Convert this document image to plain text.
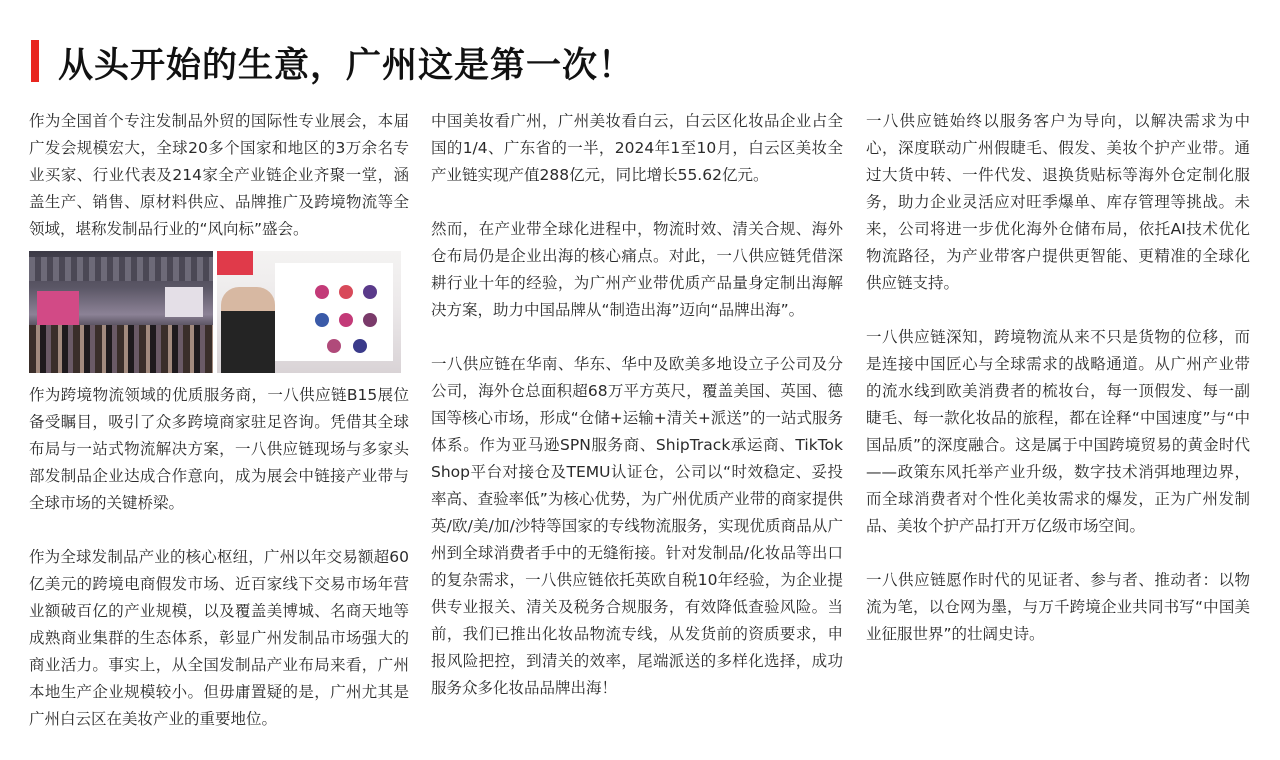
从头开始的生意，广州这是第一次！

作为全国首个专注发制品外贸的国际性专业展会，本届广发会规模宏大，全球20多个国家和地区的3万余名专业买家、行业代表及214家全产业链企业齐聚一堂，涵盖生产、销售、原材料供应、品牌推广及跨境物流等全领域，堪称发制品行业的“风向标”盛会。

作为跨境物流领域的优质服务商，一八供应链B15展位备受瞩目，吸引了众多跨境商家驻足咨询。凭借其全球布局与一站式物流解决方案，一八供应链现场与多家头部发制品企业达成合作意向，成为展会中链接产业带与全球市场的关键桥梁。

作为全球发制品产业的核心枢纽，广州以年交易额超60亿美元的跨境电商假发市场、近百家线下交易市场年营业额破百亿的产业规模，以及覆盖美博城、名商天地等成熟商业集群的生态体系，彰显广州发制品市场强大的商业活力。事实上，从全国发制品产业布局来看，广州本地生产企业规模较小。但毋庸置疑的是，广州尤其是广州白云区在美妆产业的重要地位。

中国美妆看广州，广州美妆看白云，白云区化妆品企业占全国的1/4、广东省的一半，2024年1至10月，白云区美妆全产业链实现产值288亿元，同比增长55.62亿元。

然而，在产业带全球化进程中，物流时效、清关合规、海外仓布局仍是企业出海的核心痛点。对此，一八供应链凭借深耕行业十年的经验，为广州产业带优质产品量身定制出海解决方案，助力中国品牌从“制造出海”迈向“品牌出海”。

一八供应链在华南、华东、华中及欧美多地设立子公司及分公司，海外仓总面积超68万平方英尺，覆盖美国、英国、德国等核心市场，形成“仓储+运输+清关+派送”的一站式服务体系。作为亚马逊SPN服务商、ShipTrack承运商、TikTok Shop平台对接仓及TEMU认证仓，公司以“时效稳定、妥投率高、查验率低”为核心优势，为广州优质产业带的商家提供英/欧/美/加/沙特等国家的专线物流服务，实现优质商品从广州到全球消费者手中的无缝衔接。针对发制品/化妆品等出口的复杂需求，一八供应链依托英欧自税10年经验，为企业提供专业报关、清关及税务合规服务，有效降低查验风险。当前，我们已推出化妆品物流专线，从发货前的资质要求，申报风险把控，到清关的效率，尾端派送的多样化选择，成功服务众多化妆品品牌出海！

一八供应链始终以服务客户为导向，以解决需求为中心，深度联动广州假睫毛、假发、美妆个护产业带。通过大货中转、一件代发、退换货贴标等海外仓定制化服务，助力企业灵活应对旺季爆单、库存管理等挑战。未来，公司将进一步优化海外仓储布局，依托AI技术优化物流路径，为产业带客户提供更智能、更精准的全球化供应链支持。

一八供应链深知，跨境物流从来不只是货物的位移，而是连接中国匠心与全球需求的战略通道。从广州产业带的流水线到欧美消费者的梳妆台，每一顶假发、每一副睫毛、每一款化妆品的旅程，都在诠释“中国速度”与“中国品质”的深度融合。这是属于中国跨境贸易的黄金时代——政策东风托举产业升级，数字技术消弭地理边界，而全球消费者对个性化美妆需求的爆发，正为广州发制品、美妆个护产品打开万亿级市场空间。

一八供应链愿作时代的见证者、参与者、推动者：以物流为笔，以仓网为墨，与万千跨境企业共同书写“中国美业征服世界”的壮阔史诗。
